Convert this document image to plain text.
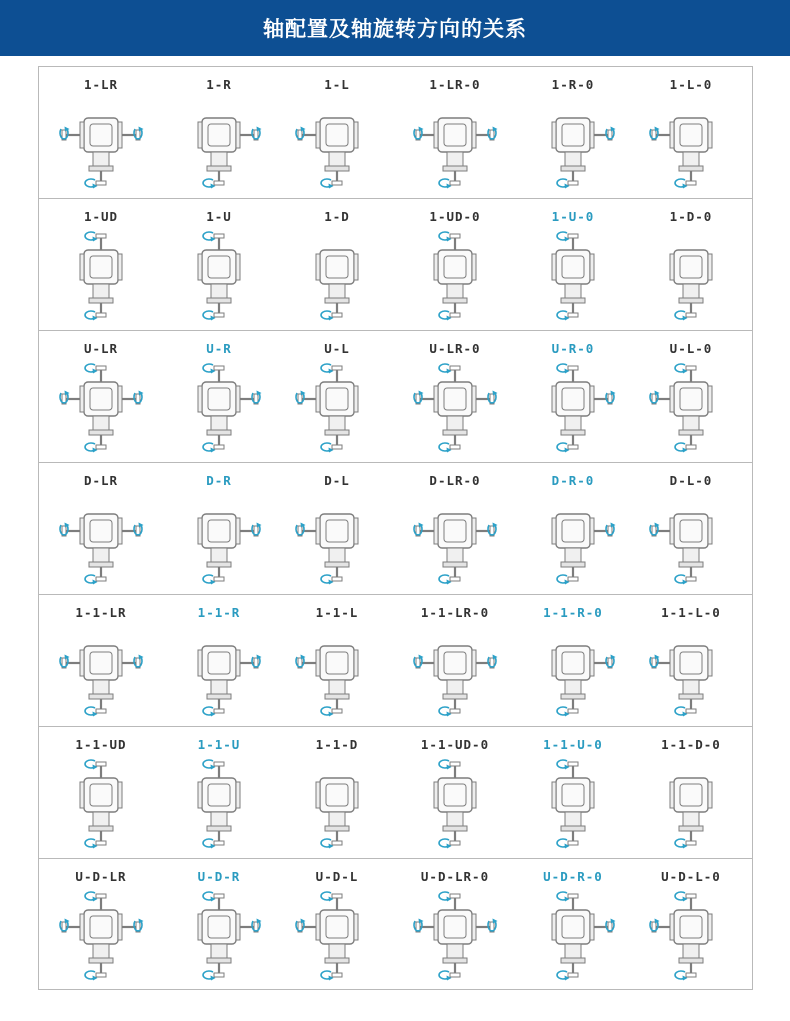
轴配置及轴旋转方向的关系
1-LR	1-R	1-L	1-LR-0	1-R-0	1-L-0
1-UD	1-U	1-D	1-UD-0	1-U-0	1-D-0
U-LR	U-R	U-L	U-LR-0	U-R-0	U-L-0
D-LR	D-R	D-L	D-LR-0	D-R-0	D-L-0
1-1-LR	1-1-R	1-1-L	1-1-LR-0	1-1-R-0	1-1-L-0
1-1-UD	1-1-U	1-1-D	1-1-UD-0	1-1-U-0	1-1-D-0
U-D-LR	U-D-R	U-D-L	U-D-LR-0	U-D-R-0	U-D-L-0
